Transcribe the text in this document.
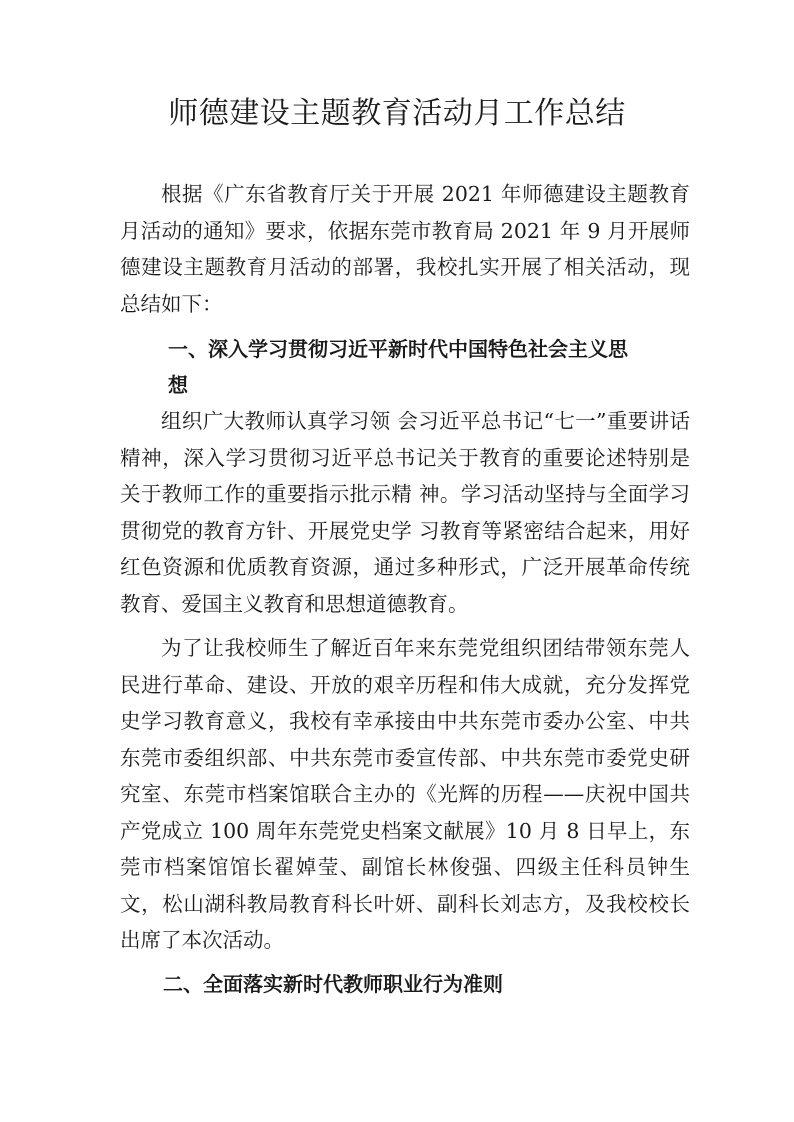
师德建设主题教育活动月工作总结

根据《广东省教育厅关于开展 2021 年师德建设主题教育月活动的通知》要求，依据东莞市教育局 2021 年 9 月开展师德建设主题教育月活动的部署，我校扎实开展了相关活动，现总结如下：

一、深入学习贯彻习近平新时代中国特色社会主义思
想

组织广大教师认真学习领 会习近平总书记“七一”重要讲话精神，深入学习贯彻习近平总书记关于教育的重要论述特别是关于教师工作的重要指示批示精 神。学习活动坚持与全面学习贯彻党的教育方针、开展党史学 习教育等紧密结合起来，用好红色资源和优质教育资源，通过多种形式，广泛开展革命传统教育、爱国主义教育和思想道德教育。

为了让我校师生了解近百年来东莞党组织团结带领东莞人民进行革命、建设、开放的艰辛历程和伟大成就，充分发挥党史学习教育意义，我校有幸承接由中共东莞市委办公室、中共东莞市委组织部、中共东莞市委宣传部、中共东莞市委党史研究室、东莞市档案馆联合主办的《光辉的历程——庆祝中国共产党成立 100 周年东莞党史档案文献展》10 月 8 日早上，东莞市档案馆馆长翟婥莹、副馆长林俊强、四级主任科员钟生文，松山湖科教局教育科长叶妍、副科长刘志方，及我校校长出席了本次活动。

二、全面落实新时代教师职业行为准则
